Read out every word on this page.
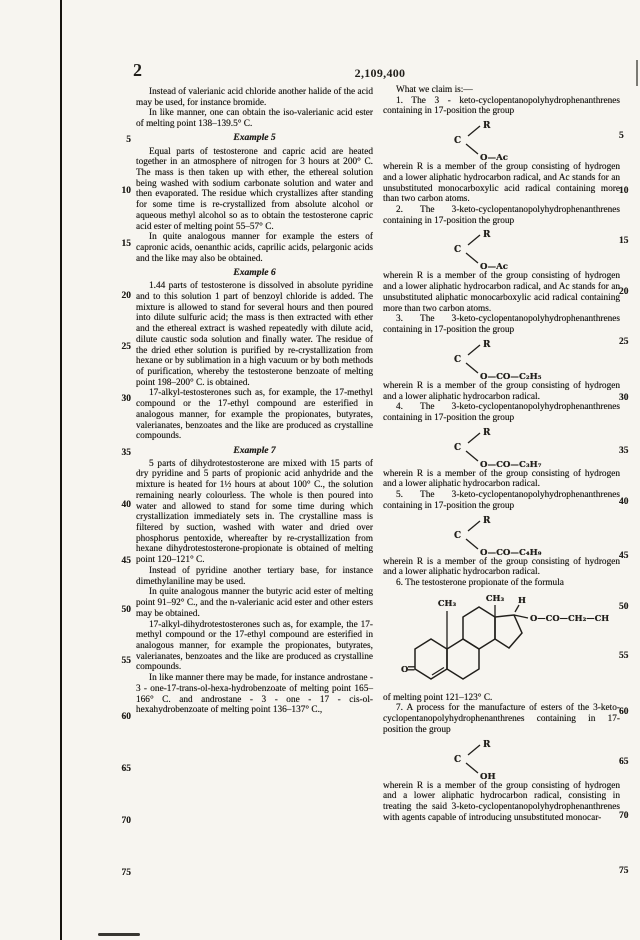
2	2,109,400
5
10
15
20
25
30
35
40
45
50
55
60
65
70
75
5
10
15
20
25
30
35
40
45
50
55
60
65
70
75

Instead of valerianic acid chloride another halide of the acid may be used, for instance bromide.

In like manner, one can obtain the iso-valerianic acid ester of melting point 138–139.5° C.

Example 5

Equal parts of testosterone and capric acid are heated together in an atmosphere of nitrogen for 3 hours at 200° C. The mass is then taken up with ether, the ethereal solution being washed with sodium carbonate solution and water and then evaporated. The residue which crystallizes after standing for some time is re-crystallized from absolute alcohol or aqueous methyl alcohol so as to obtain the testosterone capric acid ester of melting point 55–57° C.

In quite analogous manner for example the esters of capronic acids, oenanthic acids, caprilic acids, pelargonic acids and the like may also be obtained.

Example 6

1.44 parts of testosterone is dissolved in absolute pyridine and to this solution 1 part of benzoyl chloride is added. The mixture is allowed to stand for several hours and then poured into dilute sulfuric acid; the mass is then extracted with ether and the ethereal extract is washed repeatedly with dilute acid, dilute caustic soda solution and finally water. The residue of the dried ether solution is purified by re-crystallization from hexane or by sublimation in a high vacuum or by both methods of purification, whereby the testosterone benzoate of melting point 198–200° C. is obtained.

17-alkyl-testosterones such as, for example, the 17-methyl compound or the 17-ethyl compound are esterified in analogous manner, for example the propionates, butyrates, valerianates, benzoates and the like are produced as crystalline compounds.

Example 7

5 parts of dihydrotestosterone are mixed with 15 parts of dry pyridine and 5 parts of propionic acid anhydride and the mixture is heated for 1½ hours at about 100° C., the solution remaining nearly colourless. The whole is then poured into water and allowed to stand for some time during which crystallization immediately sets in. The crystalline mass is filtered by suction, washed with water and dried over phosphorus pentoxide, whereafter by re-crystallization from hexane dihydrotestosterone-propionate is obtained of melting point 120–121° C.

Instead of pyridine another tertiary base, for instance dimethylaniline may be used.

In quite analogous manner the butyric acid ester of melting point 91–92° C., and the n-valerianic acid ester and other esters may be obtained.

17-alkyl-dihydrotestosterones such as, for example, the 17-methyl compound or the 17-ethyl compound are esterified in analogous manner, for example the propionates, butyrates, valerianates, benzoates and the like are produced as crystalline compounds.

In like manner there may be made, for instance androstane - 3 - one-17-trans-ol-hexa-hydrobenzoate of melting point 165–166° C. and androstane - 3 - one - 17 - cis-ol-hexahydrobenzoate of melting point 136–137° C.,

What we claim is:—

1. The 3 - keto-cyclopentanopolyhydrophenanthrenes containing in 17-position the group

R
C
O—Ac

wherein R is a member of the group consisting of hydrogen and a lower aliphatic hydrocarbon radical, and Ac stands for an unsubstituted monocarboxylic acid radical containing more than two carbon atoms.

2. The 3-keto-cyclopentanopolyhydrophenanthrenes containing in 17-position the group

R
C
O—Ac

wherein R is a member of the group consisting of hydrogen and a lower aliphatic hydrocarbon radical, and Ac stands for an unsubstituted aliphatic monocarboxylic acid radical containing more than two carbon atoms.

3. The 3-keto-cyclopentanopolyhydrophenanthrenes containing in 17-position the group

R
C
O—CO—C₂H₅

wherein R is a member of the group consisting of hydrogen and a lower aliphatic hydrocarbon radical.

4. The 3-keto-cyclopentanopolyhydrophenanthrenes containing in 17-position the group

R
C
O—CO—C₃H₇

wherein R is a member of the group consisting of hydrogen and a lower aliphatic hydrocarbon radical.

5. The 3-keto-cyclopentanopolyhydrophenanthrenes containing in 17-position the group

R
C
O—CO—C₄H₉

wherein R is a member of the group consisting of hydrogen and a lower aliphatic hydrocarbon radical.

6. The testosterone propionate of the formula

O
CH₃	CH₃ H
O—CO—CH₂—CH₃

of melting point 121–123° C.

7. A process for the manufacture of esters of the 3-keto-cyclopentanopolyhydrophenanthrenes containing in 17-position the group

R
C
OH

wherein R is a member of the group consisting of hydrogen and a lower aliphatic hydrocarbon radical, consisting in treating the said 3-keto-cyclopentanopolyhydrophenanthrenes with agents capable of introducing unsubstituted monocar-
